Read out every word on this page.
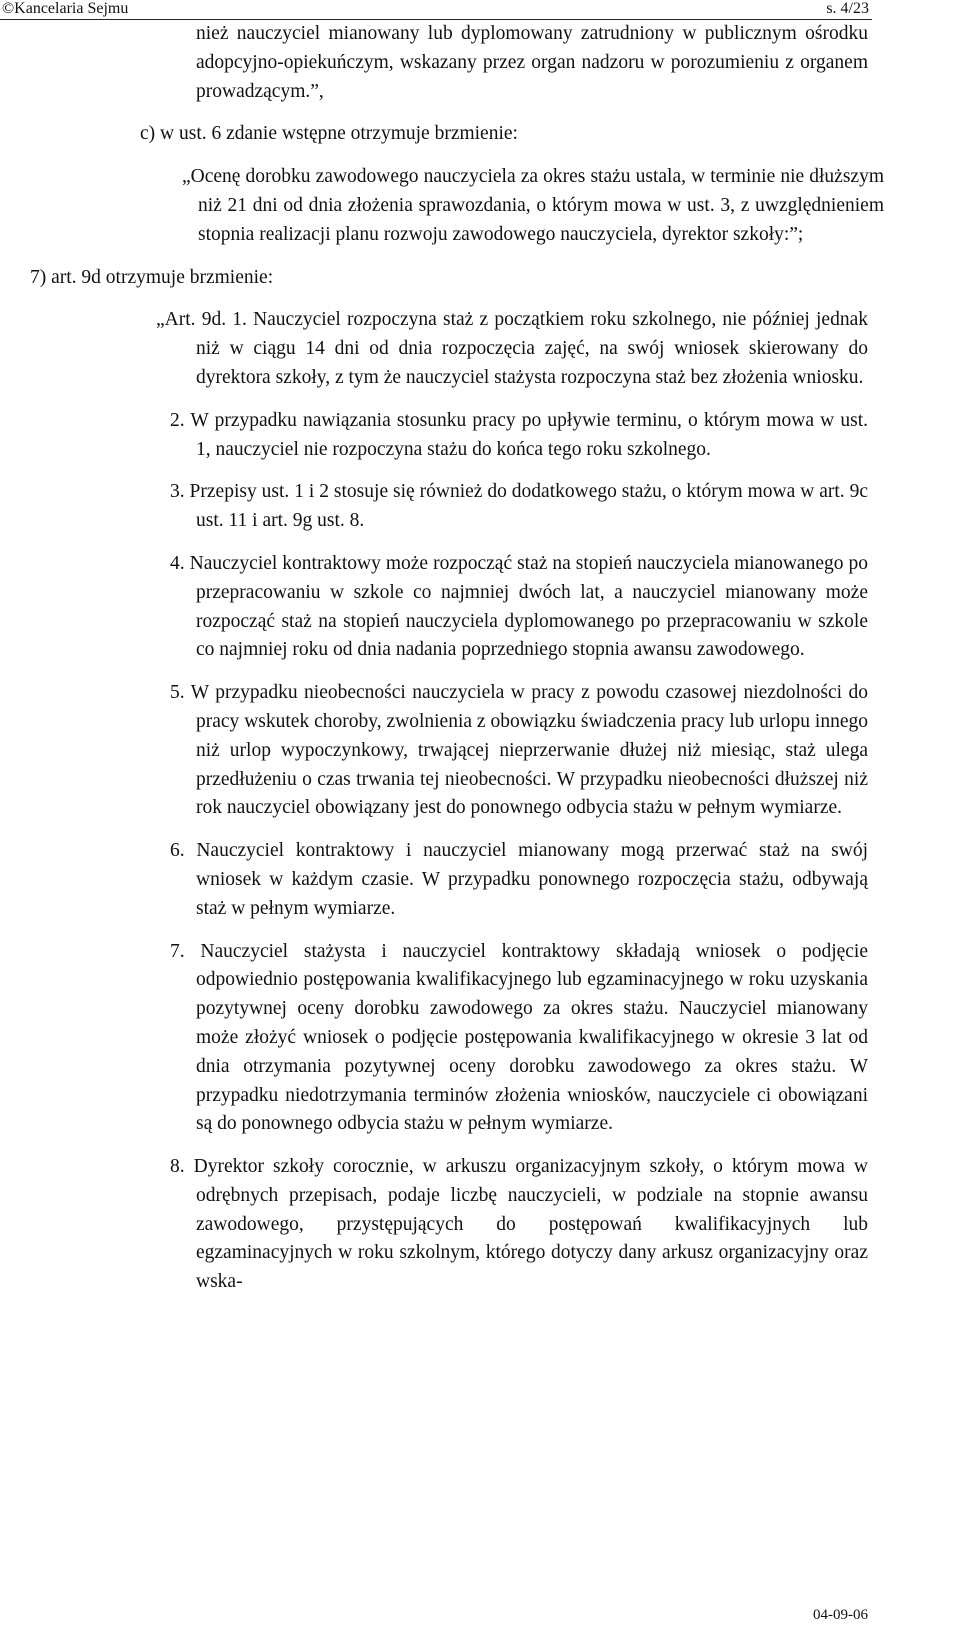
©Kancelaria Sejmu	s. 4/23

nież nauczyciel mianowany lub dyplomowany zatrudniony w publicznym ośrodku adopcyjno-opiekuńczym, wskazany przez organ nadzoru w porozumieniu z organem prowadzącym.”,

c) w ust. 6 zdanie wstępne otrzymuje brzmienie:

„Ocenę dorobku zawodowego nauczyciela za okres stażu ustala, w terminie nie dłuższym niż 21 dni od dnia złożenia sprawozdania, o którym mowa w ust. 3, z uwzględnieniem stopnia realizacji planu rozwoju zawodowego nauczyciela, dyrektor szkoły:”;

7) art. 9d otrzymuje brzmienie:

„Art. 9d. 1. Nauczyciel rozpoczyna staż z początkiem roku szkolnego, nie później jednak niż w ciągu 14 dni od dnia rozpoczęcia zajęć, na swój wniosek skierowany do dyrektora szkoły, z tym że nauczyciel stażysta rozpoczyna staż bez złożenia wniosku.

2. W przypadku nawiązania stosunku pracy po upływie terminu, o którym mowa w ust. 1, nauczyciel nie rozpoczyna stażu do końca tego roku szkolnego.

3. Przepisy ust. 1 i 2 stosuje się również do dodatkowego stażu, o którym mowa w art. 9c ust. 11 i art. 9g ust. 8.

4. Nauczyciel kontraktowy może rozpocząć staż na stopień nauczyciela mianowanego po przepracowaniu w szkole co najmniej dwóch lat, a nauczyciel mianowany może rozpocząć staż na stopień nauczyciela dyplomowanego po przepracowaniu w szkole co najmniej roku od dnia nadania poprzedniego stopnia awansu zawodowego.

5. W przypadku nieobecności nauczyciela w pracy z powodu czasowej niezdolności do pracy wskutek choroby, zwolnienia z obowiązku świadczenia pracy lub urlopu innego niż urlop wypoczynkowy, trwającej nieprzerwanie dłużej niż miesiąc, staż ulega przedłużeniu o czas trwania tej nieobecności. W przypadku nieobecności dłuższej niż rok nauczyciel obowiązany jest do ponownego odbycia stażu w pełnym wymiarze.

6. Nauczyciel kontraktowy i nauczyciel mianowany mogą przerwać staż na swój wniosek w każdym czasie. W przypadku ponownego rozpoczęcia stażu, odbywają staż w pełnym wymiarze.

7. Nauczyciel stażysta i nauczyciel kontraktowy składają wniosek o podjęcie odpowiednio postępowania kwalifikacyjnego lub egzaminacyjnego w roku uzyskania pozytywnej oceny dorobku zawodowego za okres stażu. Nauczyciel mianowany może złożyć wniosek o podjęcie postępowania kwalifikacyjnego w okresie 3 lat od dnia otrzymania pozytywnej oceny dorobku zawodowego za okres stażu. W przypadku niedotrzymania terminów złożenia wniosków, nauczyciele ci obowiązani są do ponownego odbycia stażu w pełnym wymiarze.

8. Dyrektor szkoły corocznie, w arkuszu organizacyjnym szkoły, o którym mowa w odrębnych przepisach, podaje liczbę nauczycieli, w podziale na stopnie awansu zawodowego, przystępujących do postępowań kwalifikacyjnych lub egzaminacyjnych w roku szkolnym, którego dotyczy dany arkusz organizacyjny oraz wska-

04-09-06
